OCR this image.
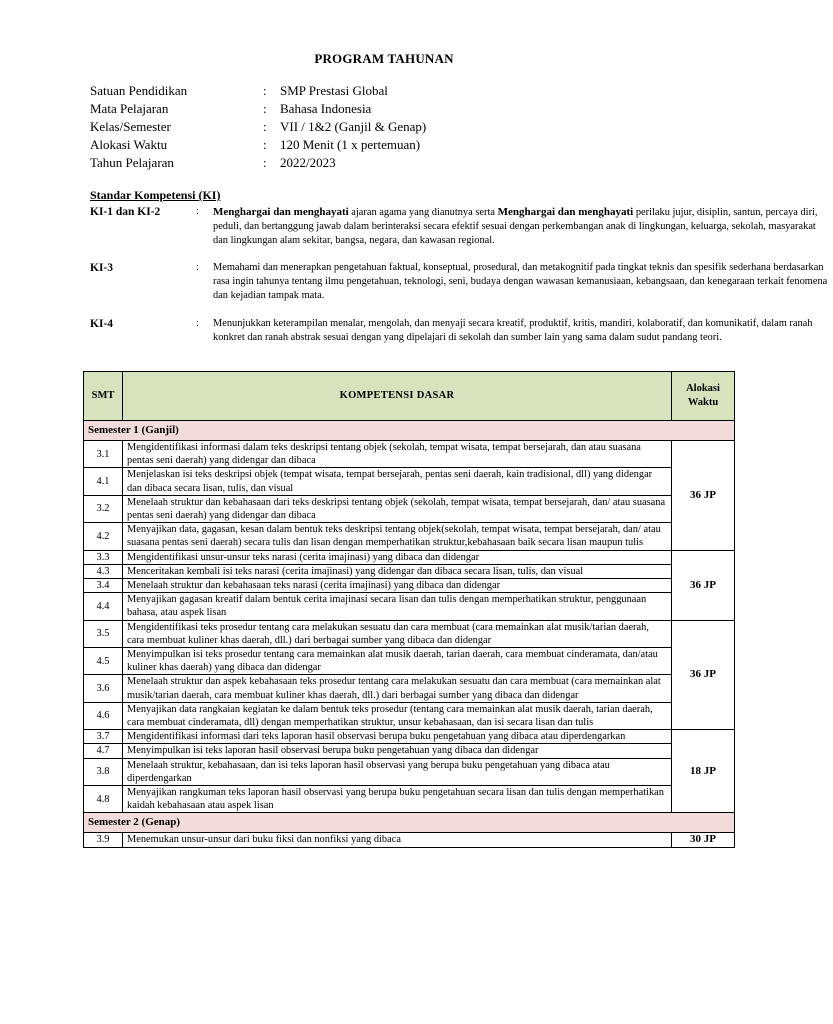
PROGRAM TAHUNAN
Satuan Pendidikan	:	SMP Prestasi Global
Mata Pelajaran	:	Bahasa Indonesia
Kelas/Semester	:	VII / 1&2 (Ganjil & Genap)
Alokasi Waktu	:	120 Menit (1 x pertemuan)
Tahun Pelajaran	:	2022/2023
Standar Kompetensi (KI)
KI-1 dan KI-2	: Menghargai dan menghayati ajaran agama yang dianutnya serta Menghargai dan menghayati perilaku jujur, disiplin, santun, percaya diri, peduli, dan bertanggung jawab dalam berinteraksi secara efektif sesuai dengan perkembangan anak di lingkungan, keluarga, sekolah, masyarakat dan lingkungan alam sekitar, bangsa, negara, dan kawasan regional.
KI-3	: Memahami dan menerapkan pengetahuan faktual, konseptual, prosedural, dan metakognitif pada tingkat teknis dan spesifik sederhana berdasarkan rasa ingin tahunya tentang ilmu pengetahuan, teknologi, seni, budaya dengan wawasan kemanusiaan, kebangsaan, dan kenegaraan terkait fenomena dan kejadian tampak mata.
KI-4	: Menunjukkan keterampilan menalar, mengolah, dan menyaji secara kreatif, produktif, kritis, mandiri, kolaboratif, dan komunikatif, dalam ranah konkret dan ranah abstrak sesuai dengan yang dipelajari di sekolah dan sumber lain yang sama dalam sudut pandang teori.
SMT	KOMPETENSI DASAR	Alokasi
Waktu
Semester 1 (Ganjil)		
3.1	Mengidentifikasi informasi dalam teks deskripsi tentang objek (sekolah, tempat wisata, tempat bersejarah, dan atau suasana pentas seni daerah) yang didengar dan dibaca	36 JP
4.1	Menjelaskan isi teks deskripsi objek (tempat wisata, tempat bersejarah, pentas seni daerah, kain tradisional, dll) yang didengar dan dibaca secara lisan, tulis, dan visual	
3.2	Menelaah struktur dan kebahasaan dari teks deskripsi tentang objek (sekolah, tempat wisata, tempat bersejarah, dan/ atau suasana pentas seni daerah) yang didengar dan dibaca	
4.2	Menyajikan data, gagasan, kesan dalam bentuk teks deskripsi tentang objek(sekolah, tempat wisata, tempat bersejarah, dan/ atau suasana pentas seni daerah) secara tulis dan lisan dengan memperhatikan struktur,kebahasaan baik secara lisan maupun tulis	
3.3	Mengidentifikasi unsur-unsur teks narasi (cerita imajinasi) yang dibaca dan didengar	36 JP
4.3	Menceritakan kembali isi teks narasi (cerita imajinasi) yang didengar dan dibaca secara lisan, tulis, dan visual	
3.4	Menelaah struktur dan kebahasaan teks narasi (cerita imajinasi) yang dibaca dan didengar	
4.4	Menyajikan gagasan kreatif dalam bentuk cerita imajinasi secara lisan dan tulis dengan memperhatikan struktur, penggunaan bahasa, atau aspek lisan	
3.5	Mengidentifikasi teks prosedur tentang cara melakukan sesuatu dan cara membuat (cara memainkan alat musik/tarian daerah, cara membuat kuliner khas daerah, dll.) dari berbagai sumber yang dibaca dan didengar	36 JP
4.5	Menyimpulkan isi teks prosedur tentang cara memainkan alat musik daerah, tarian daerah, cara membuat cinderamata, dan/atau kuliner khas daerah) yang dibaca dan didengar	
3.6	Menelaah struktur dan aspek kebahasaan teks prosedur tentang cara melakukan sesuatu dan cara membuat (cara memainkan alat musik/tarian daerah, cara membuat kuliner khas daerah, dll.) dari berbagai sumber yang dibaca dan didengar	
4.6	Menyajikan data rangkaian kegiatan ke dalam bentuk teks prosedur (tentang cara memainkan alat musik daerah, tarian daerah, cara membuat cinderamata, dll) dengan memperhatikan struktur, unsur kebahasaan, dan isi secara lisan dan tulis	
3.7	Mengidentifikasi informasi dari teks laporan hasil observasi berupa buku pengetahuan yang dibaca atau diperdengarkan	18 JP
4.7	Menyimpulkan isi teks laporan hasil observasi berupa buku pengetahuan yang dibaca dan didengar	
3.8	Menelaah struktur, kebahasaan, dan isi teks laporan hasil observasi yang berupa buku pengetahuan yang dibaca atau diperdengarkan	
4.8	Menyajikan rangkuman teks laporan hasil observasi yang berupa buku pengetahuan secara lisan dan tulis dengan memperhatikan kaidah kebahasaan atau aspek lisan	
Semester 2 (Genap)		
3.9	Menemukan unsur-unsur dari buku fiksi dan nonfiksi yang dibaca	30 JP
